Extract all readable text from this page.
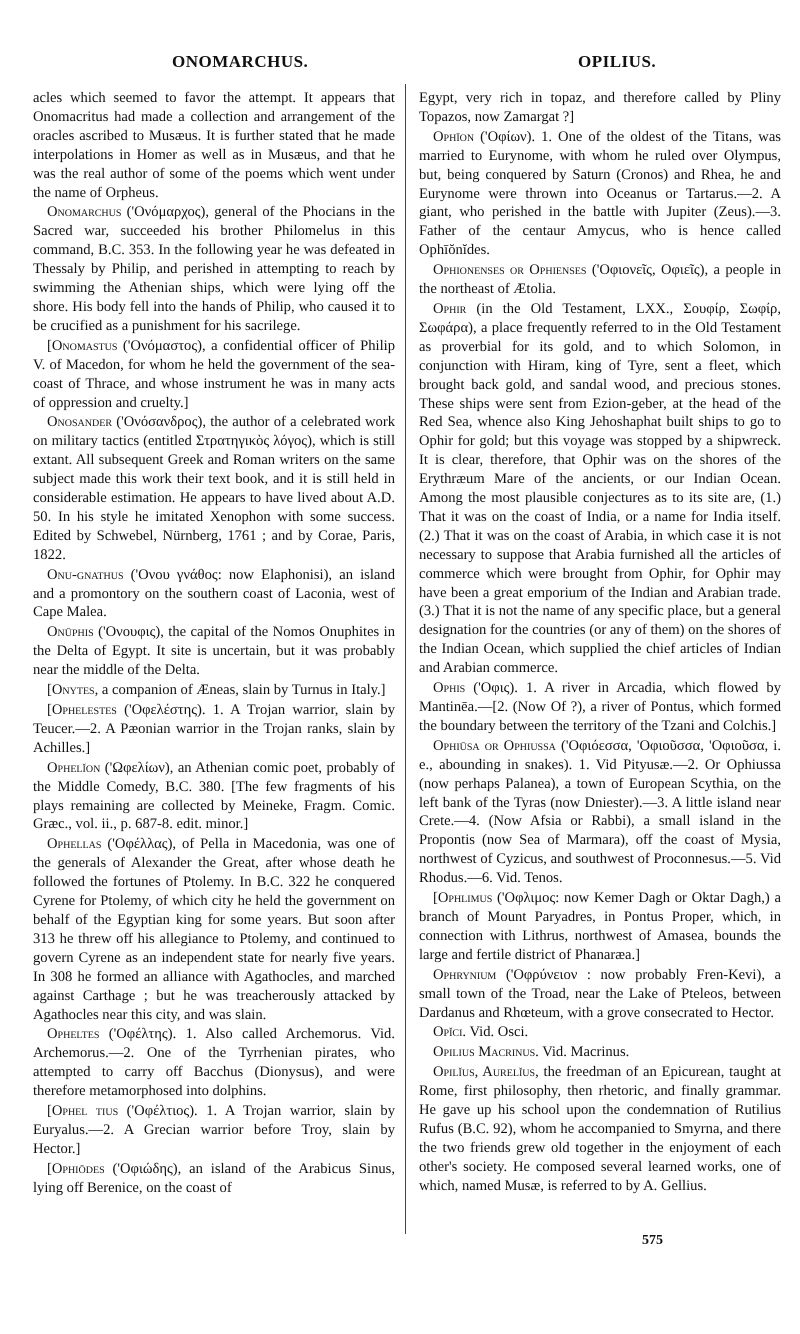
ONOMARCHUS.	OPILIUS.

acles which seemed to favor the attempt. It appears that Onomacritus had made a collection and arrangement of the oracles ascribed to Musæus. It is further stated that he made interpolations in Homer as well as in Musæus, and that he was the real author of some of the poems which went under the name of Orpheus.

Onomarchus ('Ονόμαρχος), general of the Phocians in the Sacred war, succeeded his brother Philomelus in this command, B.C. 353. In the following year he was defeated in Thessaly by Philip, and perished in attempting to reach by swimming the Athenian ships, which were lying off the shore. His body fell into the hands of Philip, who caused it to be crucified as a punishment for his sacrilege.

[Onomastus ('Ονόμαστος), a confidential officer of Philip V. of Macedon, for whom he held the government of the sea-coast of Thrace, and whose instrument he was in many acts of oppression and cruelty.]

Onosander ('Ονόσανδρος), the author of a celebrated work on military tactics (entitled Στρατηγικὸς λόγος), which is still extant. All subsequent Greek and Roman writers on the same subject made this work their text book, and it is still held in considerable estimation. He appears to have lived about A.D. 50. In his style he imitated Xenophon with some success. Edited by Schwebel, Nürnberg, 1761 ; and by Corae, Paris, 1822.

Onu-gnathus ('Ονου γνάθος: now Elaphonisi), an island and a promontory on the southern coast of Laconia, west of Cape Malea.

Onūphis ('Ονουφις), the capital of the Nomos Onuphites in the Delta of Egypt. It site is uncertain, but it was probably near the middle of the Delta.

[Onytes, a companion of Æneas, slain by Turnus in Italy.]

[Ophelestes ('Οφελέστης). 1. A Trojan warrior, slain by Teucer.—2. A Pæonian warrior in the Trojan ranks, slain by Achilles.]

Ophelĭon ('Ωφελίων), an Athenian comic poet, probably of the Middle Comedy, B.C. 380. [The few fragments of his plays remaining are collected by Meineke, Fragm. Comic. Græc., vol. ii., p. 687-8. edit. minor.]

Ophellas ('Οφέλλας), of Pella in Macedonia, was one of the generals of Alexander the Great, after whose death he followed the fortunes of Ptolemy. In B.C. 322 he conquered Cyrene for Ptolemy, of which city he held the government on behalf of the Egyptian king for some years. But soon after 313 he threw off his allegiance to Ptolemy, and continued to govern Cyrene as an independent state for nearly five years. In 308 he formed an alliance with Agathocles, and marched against Carthage ; but he was treacherously attacked by Agathocles near this city, and was slain.

Opheltes ('Οφέλτης). 1. Also called Archemorus. Vid. Archemorus.—2. One of the Tyrrhenian pirates, who attempted to carry off Bacchus (Dionysus), and were therefore metamorphosed into dolphins.

[Ophel tius ('Οφέλτιος). 1. A Trojan warrior, slain by Euryalus.—2. A Grecian warrior before Troy, slain by Hector.]

[Ophiōdes ('Οφιώδης), an island of the Arabicus Sinus, lying off Berenice, on the coast of

Egypt, very rich in topaz, and therefore called by Pliny Topazos, now Zamargat ?]

Ophīon ('Οφίων). 1. One of the oldest of the Titans, was married to Eurynome, with whom he ruled over Olympus, but, being conquered by Saturn (Cronos) and Rhea, he and Eurynome were thrown into Oceanus or Tartarus.—2. A giant, who perished in the battle with Jupiter (Zeus).—3. Father of the centaur Amycus, who is hence called Ophīŏnĭdes.

Ophionenses or Ophienses ('Οφιονεῖς, Οφιεῖς), a people in the northeast of Ætolia.

Ophir (in the Old Testament, LXX., Σουφίρ, Σωφίρ, Σωφάρα), a place frequently referred to in the Old Testament as proverbial for its gold, and to which Solomon, in conjunction with Hiram, king of Tyre, sent a fleet, which brought back gold, and sandal wood, and precious stones. These ships were sent from Ezion-geber, at the head of the Red Sea, whence also King Jehoshaphat built ships to go to Ophir for gold; but this voyage was stopped by a shipwreck. It is clear, therefore, that Ophir was on the shores of the Erythræum Mare of the ancients, or our Indian Ocean. Among the most plausible conjectures as to its site are, (1.) That it was on the coast of India, or a name for India itself. (2.) That it was on the coast of Arabia, in which case it is not necessary to suppose that Arabia furnished all the articles of commerce which were brought from Ophir, for Ophir may have been a great emporium of the Indian and Arabian trade. (3.) That it is not the name of any specific place, but a general designation for the countries (or any of them) on the shores of the Indian Ocean, which supplied the chief articles of Indian and Arabian commerce.

Ophis ('Οφις). 1. A river in Arcadia, which flowed by Mantinēa.—[2. (Now Of ?), a river of Pontus, which formed the boundary between the territory of the Tzani and Colchis.]

Ophiūsa or Ophiussa ('Οφιόεσσα, 'Οφιοῦσσα, 'Οφιοῦσα, i. e., abounding in snakes). 1. Vid Pityusæ.—2. Or Ophiussa (now perhaps Palanea), a town of European Scythia, on the left bank of the Tyras (now Dniester).—3. A little island near Crete.—4. (Now Afsia or Rabbi), a small island in the Propontis (now Sea of Marmara), off the coast of Mysia, northwest of Cyzicus, and southwest of Proconnesus.—5. Vid Rhodus.—6. Vid. Tenos.

[Ophlimus ('Οφλιμος: now Kemer Dagh or Oktar Dagh,) a branch of Mount Paryadres, in Pontus Proper, which, in connection with Lithrus, northwest of Amasea, bounds the large and fertile district of Phanaræa.]

Ophrynium ('Οφρύνειον : now probably Fren-Kevi), a small town of the Troad, near the Lake of Pteleos, between Dardanus and Rhœteum, with a grove consecrated to Hector.

Opĭci. Vid. Osci.

Opilius Macrinus. Vid. Macrinus.

Opilĭus, Aurelĭus, the freedman of an Epicurean, taught at Rome, first philosophy, then rhetoric, and finally grammar. He gave up his school upon the condemnation of Rutilius Rufus (B.C. 92), whom he accompanied to Smyrna, and there the two friends grew old together in the enjoyment of each other's society. He composed several learned works, one of which, named Musæ, is referred to by A. Gellius.

575
